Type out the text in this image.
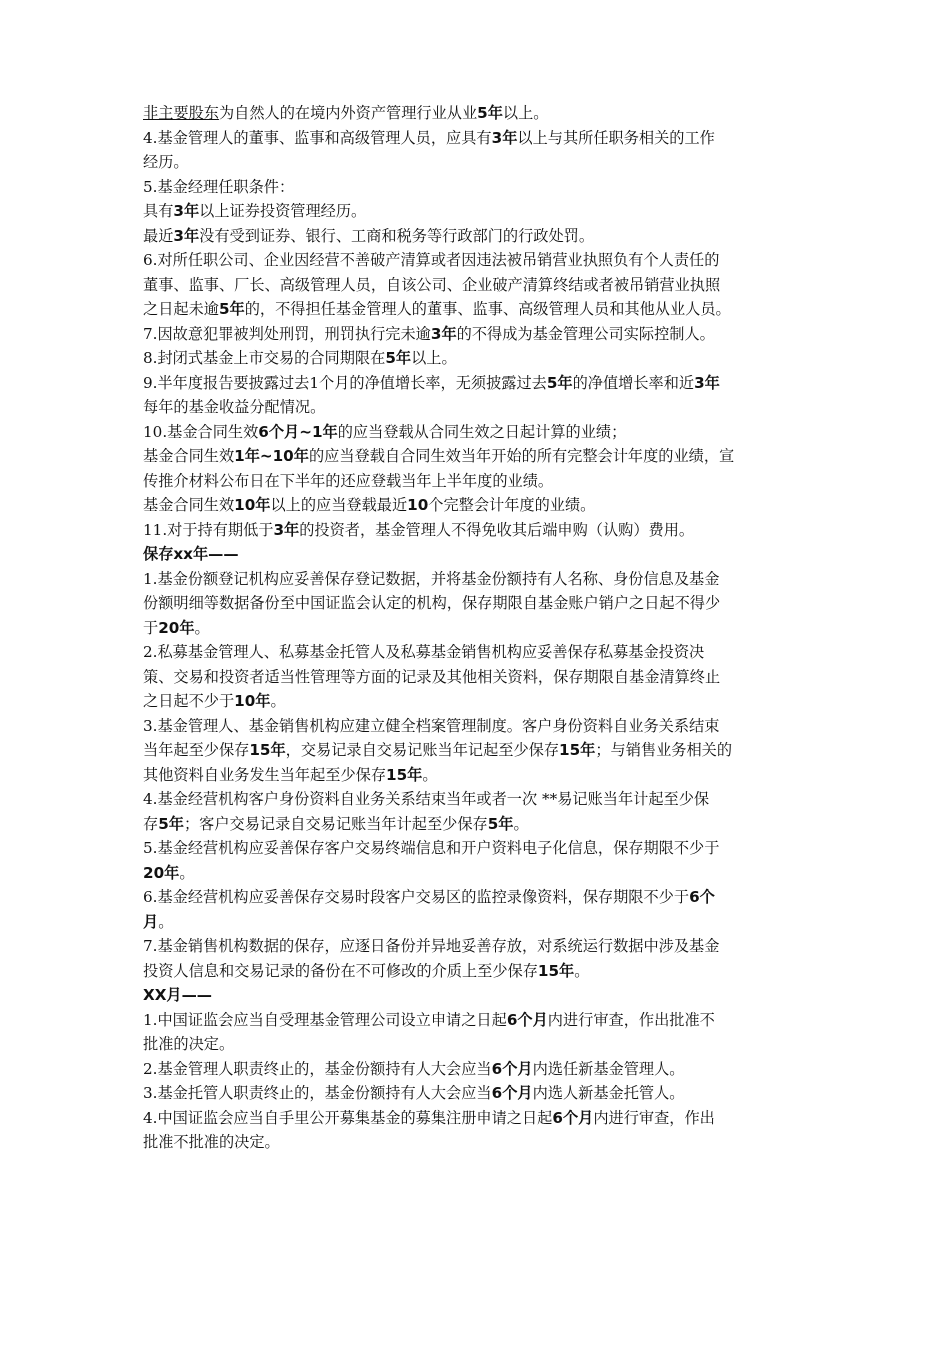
非主要股东为自然人的在境内外资产管理行业从业5年以上。
4.基金管理人的董事、监事和高级管理人员，应具有3年以上与其所任职务相关的工作
经历。
5.基金经理任职条件：
具有3年以上证券投资管理经历。
最近3年没有受到证券、银行、工商和税务等行政部门的行政处罚。
6.对所任职公司、企业因经营不善破产清算或者因违法被吊销营业执照负有个人责任的
董事、监事、厂长、高级管理人员，自该公司、企业破产清算终结或者被吊销营业执照
之日起未逾5年的，不得担任基金管理人的董事、监事、高级管理人员和其他从业人员。
7.因故意犯罪被判处刑罚，刑罚执行完未逾3年的不得成为基金管理公司实际控制人。
8.封闭式基金上市交易的合同期限在5年以上。
9.半年度报告要披露过去1个月的净值增长率，无须披露过去5年的净值增长率和近3年
每年的基金收益分配情况。
10.基金合同生效6个月~1年的应当登载从合同生效之日起计算的业绩；
基金合同生效1年~10年的应当登载自合同生效当年开始的所有完整会计年度的业绩，宣
传推介材料公布日在下半年的还应登载当年上半年度的业绩。
基金合同生效10年以上的应当登载最近10个完整会计年度的业绩。
11.对于持有期低于3年的投资者，基金管理人不得免收其后端申购（认购）费用。
保存xx年——
1.基金份额登记机构应妥善保存登记数据，并将基金份额持有人名称、身份信息及基金
份额明细等数据备份至中国证监会认定的机构，保存期限自基金账户销户之日起不得少
于20年。
2.私募基金管理人、私募基金托管人及私募基金销售机构应妥善保存私募基金投资决
策、交易和投资者适当性管理等方面的记录及其他相关资料，保存期限自基金清算终止
之日起不少于10年。
3.基金管理人、基金销售机构应建立健全档案管理制度。客户身份资料自业务关系结束
当年起至少保存15年，交易记录自交易记账当年记起至少保存15年；与销售业务相关的
其他资料自业务发生当年起至少保存15年。
4.基金经营机构客户身份资料自业务关系结束当年或者一次 **易记账当年计起至少保
存5年；客户交易记录自交易记账当年计起至少保存5年。
5.基金经营机构应妥善保存客户交易终端信息和开户资料电子化信息，保存期限不少于
20年。
6.基金经营机构应妥善保存交易时段客户交易区的监控录像资料，保存期限不少于6个
月。
7.基金销售机构数据的保存，应逐日备份并异地妥善存放，对系统运行数据中涉及基金
投资人信息和交易记录的备份在不可修改的介质上至少保存15年。
XX月——
1.中国证监会应当自受理基金管理公司设立申请之日起6个月内进行审查，作出批准不
批准的决定。
2.基金管理人职责终止的，基金份额持有人大会应当6个月内选任新基金管理人。
3.基金托管人职责终止的，基金份额持有人大会应当6个月内选人新基金托管人。
4.中国证监会应当自手里公开募集基金的募集注册申请之日起6个月内进行审查，作出
批准不批准的决定。
